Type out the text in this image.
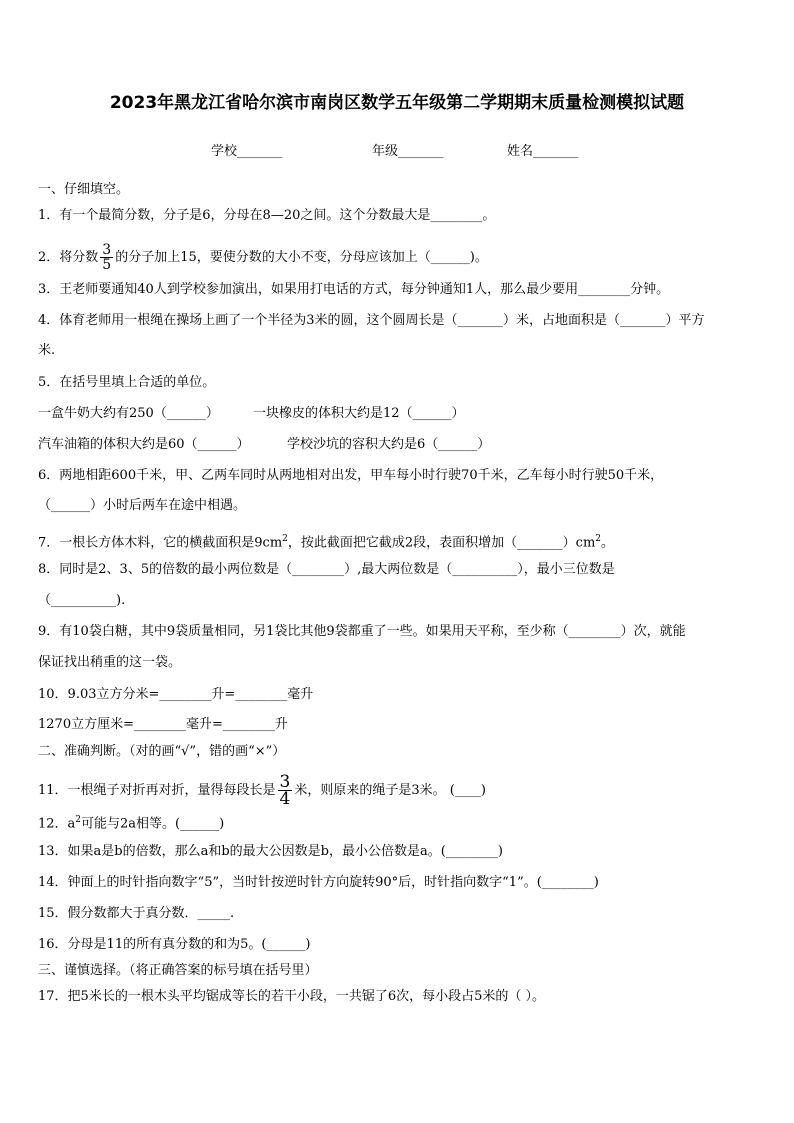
2023年黑龙江省哈尔滨市南岗区数学五年级第二学期期末质量检测模拟试题
学校_______	年级_______	姓名_______
一、仔细填空。
1．有一个最简分数，分子是6，分母在8—20之间。这个分数最大是________。
2．将分数 $\frac{3}{5}$ 的分子加上15，要使分数的大小不变，分母应该加上（______)。
3．王老师要通知40人到学校参加演出，如果用打电话的方式，每分钟通知1人，那么最少要用________分钟。
4．体育老师用一根绳在操场上画了一个半径为3米的圆，这个圆周长是（_______）米，占地面积是（_______）平方
米.
5．在括号里填上合适的单位。
一盒牛奶大约有250（______）	一块橡皮的体积大约是12（______）
汽车油箱的体积大约是60（______）	学校沙坑的容积大约是6（______）
6．两地相距600千米，甲、乙两车同时从两地相对出发，甲车每小时行驶70千米，乙车每小时行驶50千米，
（______）小时后两车在途中相遇。
7．一根长方体木料，它的横截面积是$9cm^2$，按此截面把它截成2段，表面积增加$(\_\_\_\_\_\_\_)cm^2$。
8．同时是2、3、5的倍数的最小两位数是（________）,最大两位数是（__________），最小三位数是
（__________).
9．有10袋白糖，其中9袋质量相同，另1袋比其他9袋都重了一些。如果用天平称，至少称（________）次，就能
保证找出稍重的这一袋。
10．9.03立方分米=________升=________毫升
1270立方厘米=________毫升=________升
二、准确判断。（对的画“√”，错的画“×”）
11．一根绳子对折再对折，量得每段长是 $\frac{3}{4}$ 米，则原来的绳子是3米。 (____)
12．$a^2$可能与2a相等。(______)
13．如果a是b的倍数，那么a和b的最大公因数是b，最小公倍数是a。(________)
14．钟面上的时针指向数字“5”，当时针按逆时针方向旋转90°后，时针指向数字“1”。(________)
15．假分数都大于真分数．_____.
16．分母是11的所有真分数的和为5。(______)
三、谨慎选择。（将正确答案的标号填在括号里）
17．把5米长的一根木头平均锯成等长的若干小段，一共锯了6次，每小段占5米的（ ）。
